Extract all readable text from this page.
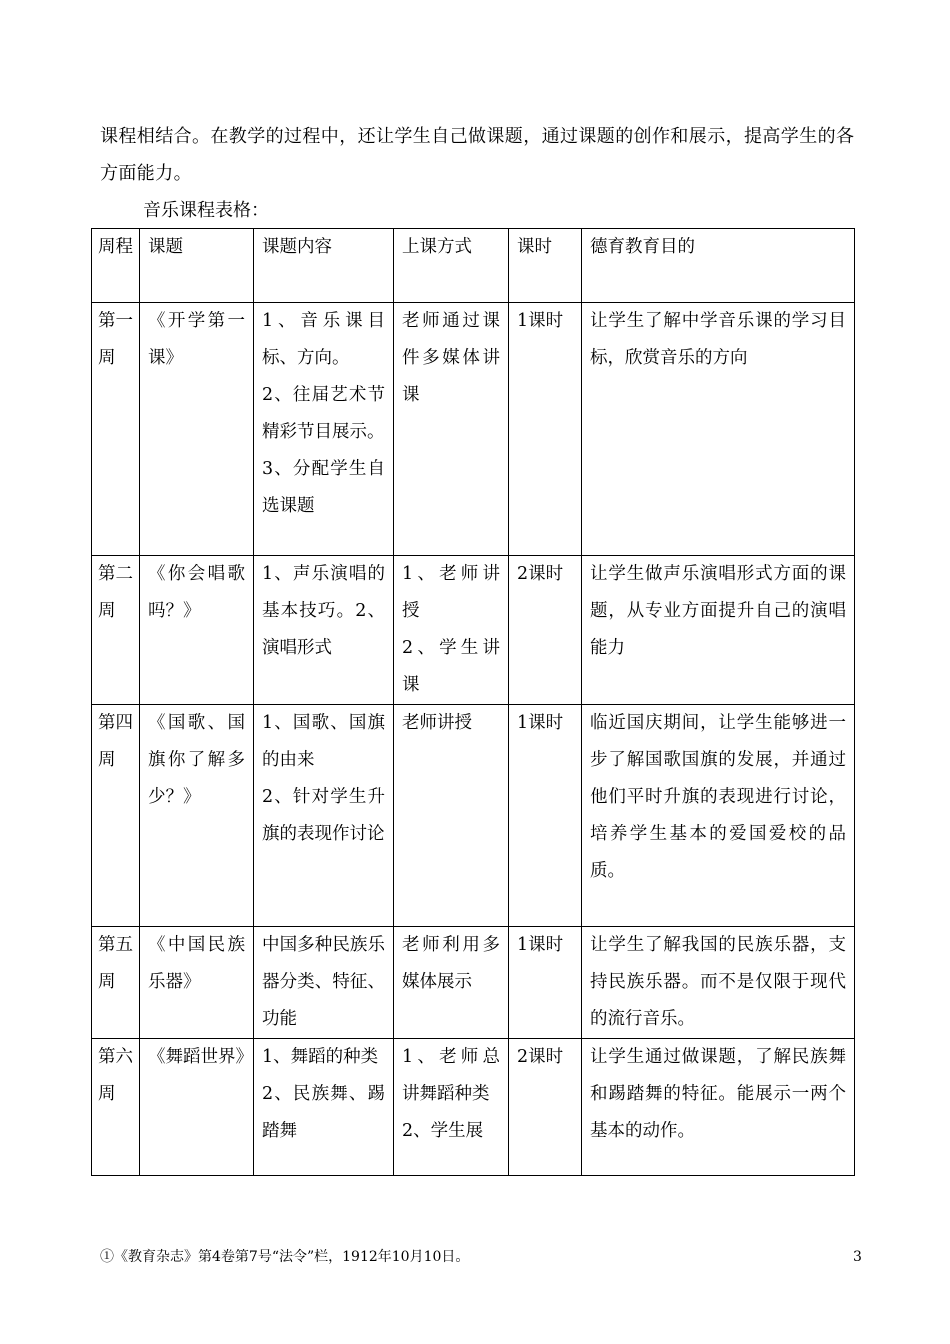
课程相结合。在教学的过程中，还让学生自己做课题，通过课题的创作和展示，提高学生的各方面能力。
音乐课程表格：
周程	课题	课题内容	上课方式	课时	德育教育目的
第一周	《开学第一课》	1、音乐课目标、方向。
2、往届艺术节精彩节目展示。
3、分配学生自选课题	老师通过课件多媒体讲课	1课时	让学生了解中学音乐课的学习目标，欣赏音乐的方向
第二周	《你会唱歌吗？》	1、声乐演唱的基本技巧。2、演唱形式	1、老师讲授
2、学生讲课	2课时	让学生做声乐演唱形式方面的课题，从专业方面提升自己的演唱能力
第四周	《国歌、国旗你了解多少？》	1、国歌、国旗的由来
2、针对学生升旗的表现作讨论	老师讲授	1课时	临近国庆期间，让学生能够进一步了解国歌国旗的发展，并通过他们平时升旗的表现进行讨论，培养学生基本的爱国爱校的品质。
第五周	《中国民族乐器》	中国多种民族乐器分类、特征、功能	老师利用多媒体展示	1课时	让学生了解我国的民族乐器，支持民族乐器。而不是仅限于现代的流行音乐。
第六周	《舞蹈世界》	1、舞蹈的种类
2、民族舞、踢踏舞	1、老师总讲舞蹈种类
2、学生展	2课时	让学生通过做课题，了解民族舞和踢踏舞的特征。能展示一两个基本的动作。
①《教育杂志》第4卷第7号“法令”栏，1912年10月10日。	3
